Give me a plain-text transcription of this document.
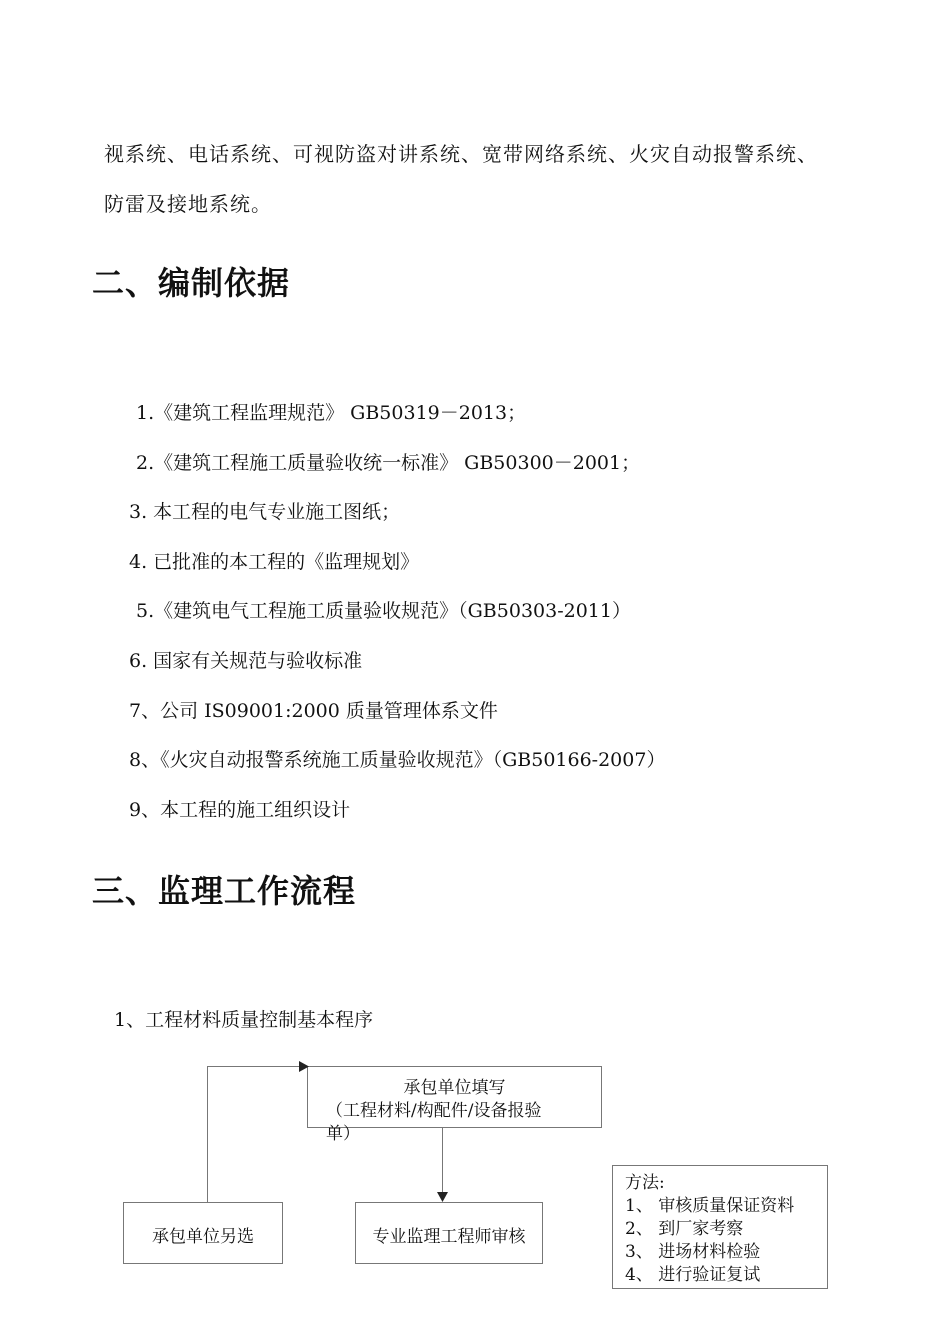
视系统、电话系统、可视防盗对讲系统、宽带网络系统、火灾自动报警系统、
防雷及接地系统。
二、编制依据
1.《建筑工程监理规范》 GB50319－2013；
2.《建筑工程施工质量验收统一标准》 GB50300－2001；
3. 本工程的电气专业施工图纸；
4. 已批准的本工程的《监理规划》
5.《建筑电气工程施工质量验收规范》（GB50303-2011）
6. 国家有关规范与验收标准
7、公司 IS09001:2000 质量管理体系文件
8、《火灾自动报警系统施工质量验收规范》（GB50166-2007）
9、本工程的施工组织设计
三、监理工作流程
1、工程材料质量控制基本程序
承包单位填写
（工程材料/构配件/设备报验
单）
承包单位另选	专业监理工程师审核
方法:
1、 审核质量保证资料
2、 到厂家考察
3、 进场材料检验
4、 进行验证复试
